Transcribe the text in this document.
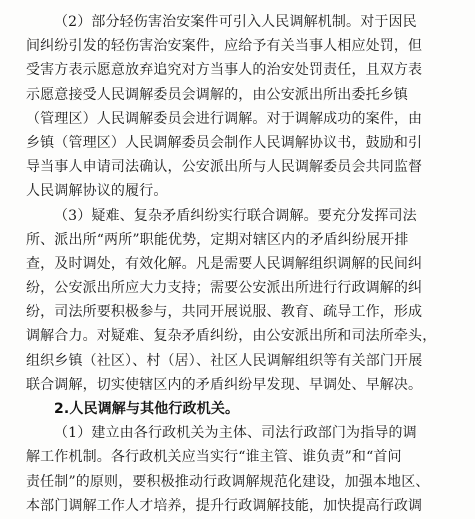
（2）部分轻伤害治安案件可引入人民调解机制。对于因民
间纠纷引发的轻伤害治安案件，应给予有关当事人相应处罚，但
受害方表示愿意放弃追究对方当事人的治安处罚责任，且双方表
示愿意接受人民调解委员会调解的，由公安派出所出委托乡镇
（管理区）人民调解委员会进行调解。对于调解成功的案件，由
乡镇（管理区）人民调解委员会制作人民调解协议书，鼓励和引
导当事人申请司法确认，公安派出所与人民调解委员会共同监督
人民调解协议的履行。
（3）疑难、复杂矛盾纠纷实行联合调解。要充分发挥司法
所、派出所“两所”职能优势，定期对辖区内的矛盾纠纷展开排
查，及时调处，有效化解。凡是需要人民调解组织调解的民间纠
纷，公安派出所应大力支持；需要公安派出所进行行政调解的纠
纷，司法所要积极参与，共同开展说服、教育、疏导工作，形成
调解合力。对疑难、复杂矛盾纠纷，由公安派出所和司法所牵头，
组织乡镇（社区）、村（居）、社区人民调解组织等有关部门开展
联合调解，切实使辖区内的矛盾纠纷早发现、早调处、早解决。
2.人民调解与其他行政机关。
（1）建立由各行政机关为主体、司法行政部门为指导的调
解工作机制。各行政机关应当实行“谁主管、谁负责”和“首问
责任制”的原则，要积极推动行政调解规范化建设，加强本地区、
本部门调解工作人才培养，提升行政调解技能，加快提高行政调
